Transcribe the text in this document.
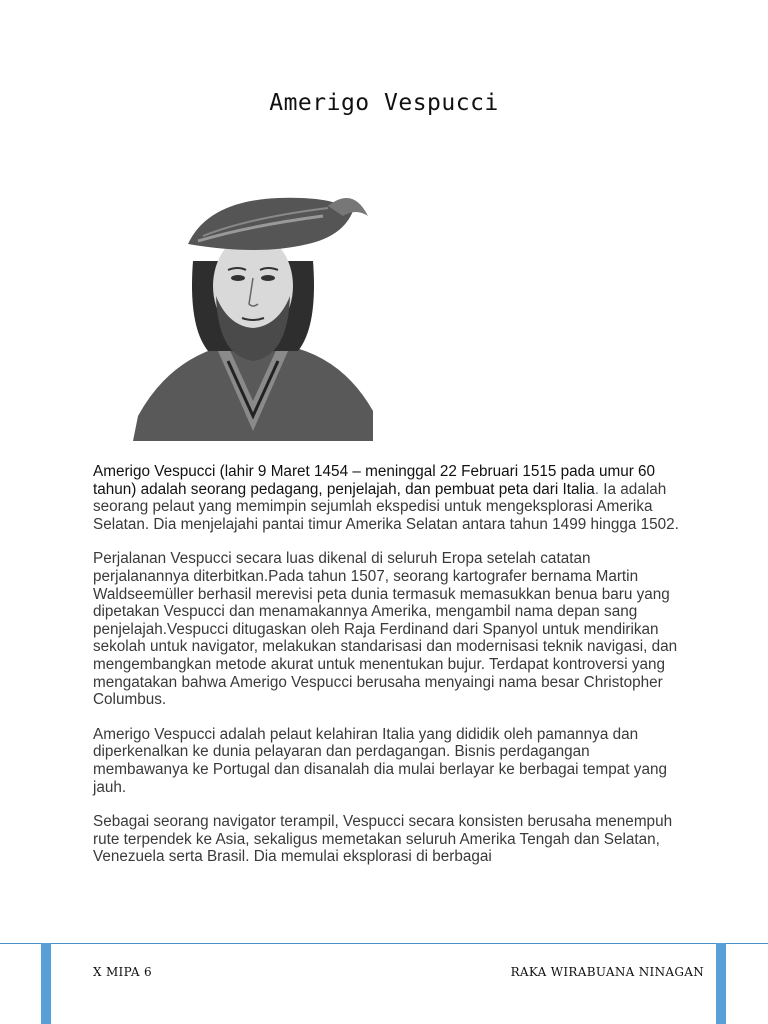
Amerigo Vespucci

Amerigo Vespucci (lahir 9 Maret 1454 – meninggal 22 Februari 1515 pada umur 60 tahun) adalah seorang pedagang, penjelajah, dan pembuat peta dari Italia. Ia adalah seorang pelaut yang memimpin sejumlah ekspedisi untuk mengeksplorasi Amerika Selatan. Dia menjelajahi pantai timur Amerika Selatan antara tahun 1499 hingga 1502.

Perjalanan Vespucci secara luas dikenal di seluruh Eropa setelah catatan perjalanannya diterbitkan.Pada tahun 1507, seorang kartografer bernama Martin Waldseemüller berhasil merevisi peta dunia termasuk memasukkan benua baru yang dipetakan Vespucci dan menamakannya Amerika, mengambil nama depan sang penjelajah.Vespucci ditugaskan oleh Raja Ferdinand dari Spanyol untuk mendirikan sekolah untuk navigator, melakukan standarisasi dan modernisasi teknik navigasi, dan mengembangkan metode akurat untuk menentukan bujur. Terdapat kontroversi yang mengatakan bahwa Amerigo Vespucci berusaha menyaingi nama besar Christopher Columbus.

Amerigo Vespucci adalah pelaut kelahiran Italia yang dididik oleh pamannya dan diperkenalkan ke dunia pelayaran dan perdagangan. Bisnis perdagangan membawanya ke Portugal dan disanalah dia mulai berlayar ke berbagai tempat yang jauh.

Sebagai seorang navigator terampil, Vespucci secara konsisten berusaha menempuh rute terpendek ke Asia, sekaligus memetakan seluruh Amerika Tengah dan Selatan, Venezuela serta Brasil. Dia memulai eksplorasi di berbagai

X MIPA 6	RAKA WIRABUANA NINAGAN
